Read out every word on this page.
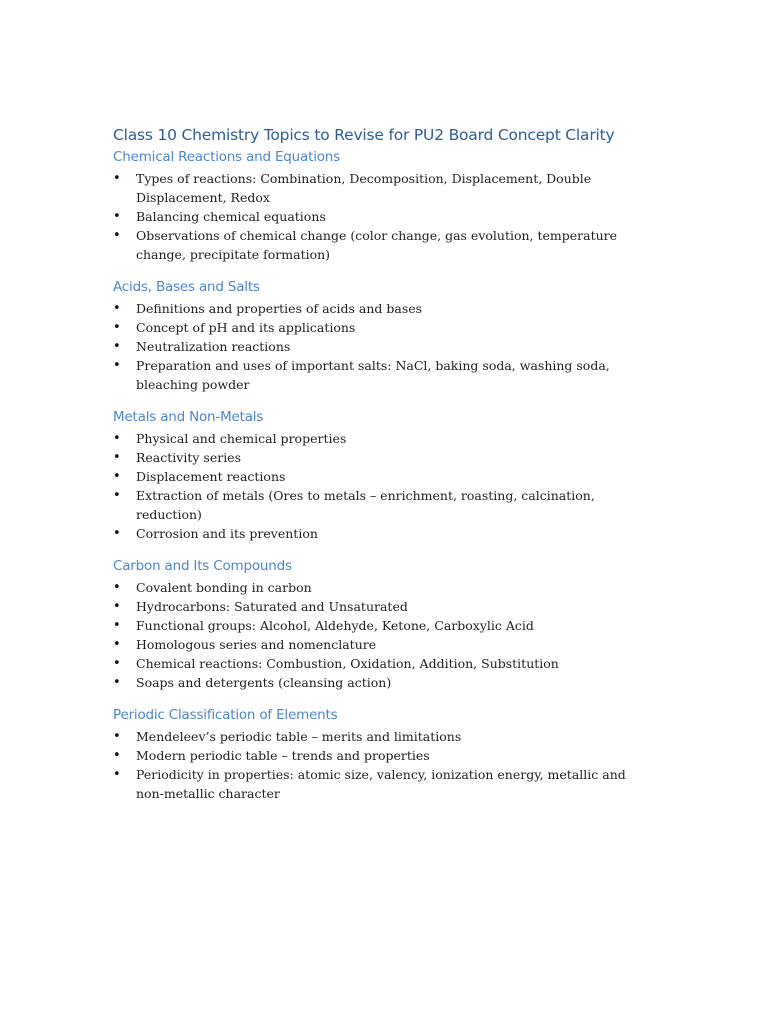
Class 10 Chemistry Topics to Revise for PU2 Board Concept Clarity
Chemical Reactions and Equations
•	Types of reactions: Combination, Decomposition, Displacement, Double Displacement, Redox
•	Balancing chemical equations
•	Observations of chemical change (color change, gas evolution, temperature change, precipitate formation)
Acids, Bases and Salts
•	Definitions and properties of acids and bases
•	Concept of pH and its applications
•	Neutralization reactions
•	Preparation and uses of important salts: NaCl, baking soda, washing soda, bleaching powder
Metals and Non-Metals
•	Physical and chemical properties
•	Reactivity series
•	Displacement reactions
•	Extraction of metals (Ores to metals – enrichment, roasting, calcination, reduction)
•	Corrosion and its prevention
Carbon and Its Compounds
•	Covalent bonding in carbon
•	Hydrocarbons: Saturated and Unsaturated
•	Functional groups: Alcohol, Aldehyde, Ketone, Carboxylic Acid
•	Homologous series and nomenclature
•	Chemical reactions: Combustion, Oxidation, Addition, Substitution
•	Soaps and detergents (cleansing action)
Periodic Classification of Elements
•	Mendeleev’s periodic table – merits and limitations
•	Modern periodic table – trends and properties
•	Periodicity in properties: atomic size, valency, ionization energy, metallic and non-metallic character
